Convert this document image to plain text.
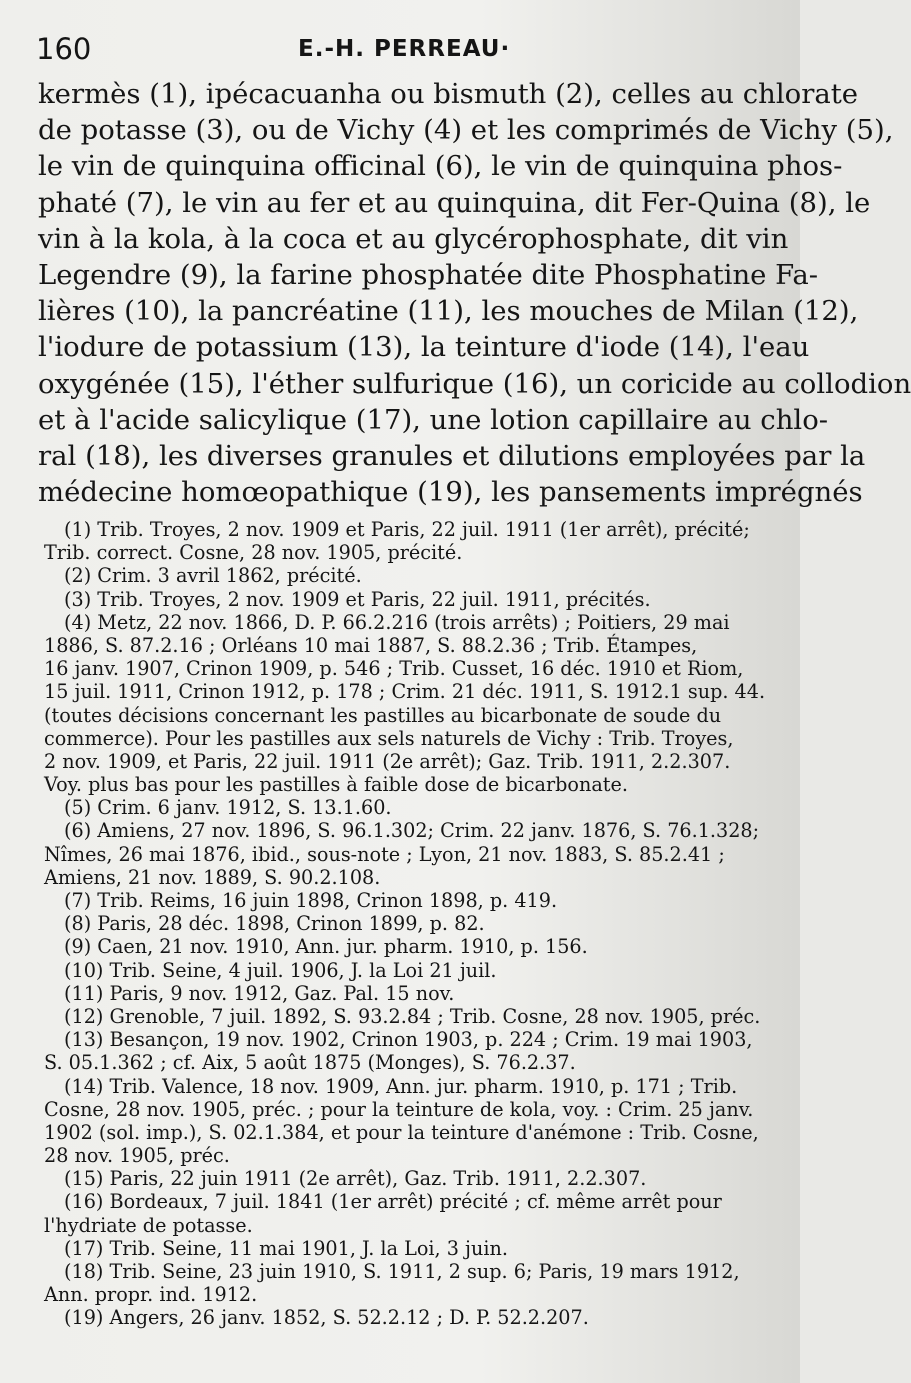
160	E.-H. PERREAU·
kermès (1), ipécacuanha ou bismuth (2), celles au chlorate
de potasse (3), ou de Vichy (4) et les comprimés de Vichy (5),
le vin de quinquina officinal (6), le vin de quinquina phos-
phaté (7), le vin au fer et au quinquina, dit Fer-Quina (8), le
vin à la kola, à la coca et au glycérophosphate, dit vin
Legendre (9), la farine phosphatée dite Phosphatine Fa-
lières (10), la pancréatine (11), les mouches de Milan (12),
l'iodure de potassium (13), la teinture d'iode (14), l'eau
oxygénée (15), l'éther sulfurique (16), un coricide au collodion
et à l'acide salicylique (17), une lotion capillaire au chlo-
ral (18), les diverses granules et dilutions employées par la
médecine homœopathique (19), les pansements imprégnés
(1) Trib. Troyes, 2 nov. 1909 et Paris, 22 juil. 1911 (1er arrêt), précité;
Trib. correct. Cosne, 28 nov. 1905, précité.
(2) Crim. 3 avril 1862, précité.
(3) Trib. Troyes, 2 nov. 1909 et Paris, 22 juil. 1911, précités.
(4) Metz, 22 nov. 1866, D. P. 66.2.216 (trois arrêts) ; Poitiers, 29 mai
1886, S. 87.2.16 ; Orléans 10 mai 1887, S. 88.2.36 ; Trib. Étampes,
16 janv. 1907, Crinon 1909, p. 546 ; Trib. Cusset, 16 déc. 1910 et Riom,
15 juil. 1911, Crinon 1912, p. 178 ; Crim. 21 déc. 1911, S. 1912.1 sup. 44.
(toutes décisions concernant les pastilles au bicarbonate de soude du
commerce). Pour les pastilles aux sels naturels de Vichy : Trib. Troyes,
2 nov. 1909, et Paris, 22 juil. 1911 (2e arrêt); Gaz. Trib. 1911, 2.2.307.
Voy. plus bas pour les pastilles à faible dose de bicarbonate.
(5) Crim. 6 janv. 1912, S. 13.1.60.
(6) Amiens, 27 nov. 1896, S. 96.1.302; Crim. 22 janv. 1876, S. 76.1.328;
Nîmes, 26 mai 1876, ibid., sous-note ; Lyon, 21 nov. 1883, S. 85.2.41 ;
Amiens, 21 nov. 1889, S. 90.2.108.
(7) Trib. Reims, 16 juin 1898, Crinon 1898, p. 419.
(8) Paris, 28 déc. 1898, Crinon 1899, p. 82.
(9) Caen, 21 nov. 1910, Ann. jur. pharm. 1910, p. 156.
(10) Trib. Seine, 4 juil. 1906, J. la Loi 21 juil.
(11) Paris, 9 nov. 1912, Gaz. Pal. 15 nov.
(12) Grenoble, 7 juil. 1892, S. 93.2.84 ; Trib. Cosne, 28 nov. 1905, préc.
(13) Besançon, 19 nov. 1902, Crinon 1903, p. 224 ; Crim. 19 mai 1903,
S. 05.1.362 ; cf. Aix, 5 août 1875 (Monges), S. 76.2.37.
(14) Trib. Valence, 18 nov. 1909, Ann. jur. pharm. 1910, p. 171 ; Trib.
Cosne, 28 nov. 1905, préc. ; pour la teinture de kola, voy. : Crim. 25 janv.
1902 (sol. imp.), S. 02.1.384, et pour la teinture d'anémone : Trib. Cosne,
28 nov. 1905, préc.
(15) Paris, 22 juin 1911 (2e arrêt), Gaz. Trib. 1911, 2.2.307.
(16) Bordeaux, 7 juil. 1841 (1er arrêt) précité ; cf. même arrêt pour
l'hydriate de potasse.
(17) Trib. Seine, 11 mai 1901, J. la Loi, 3 juin.
(18) Trib. Seine, 23 juin 1910, S. 1911, 2 sup. 6; Paris, 19 mars 1912,
Ann. propr. ind. 1912.
(19) Angers, 26 janv. 1852, S. 52.2.12 ; D. P. 52.2.207.
